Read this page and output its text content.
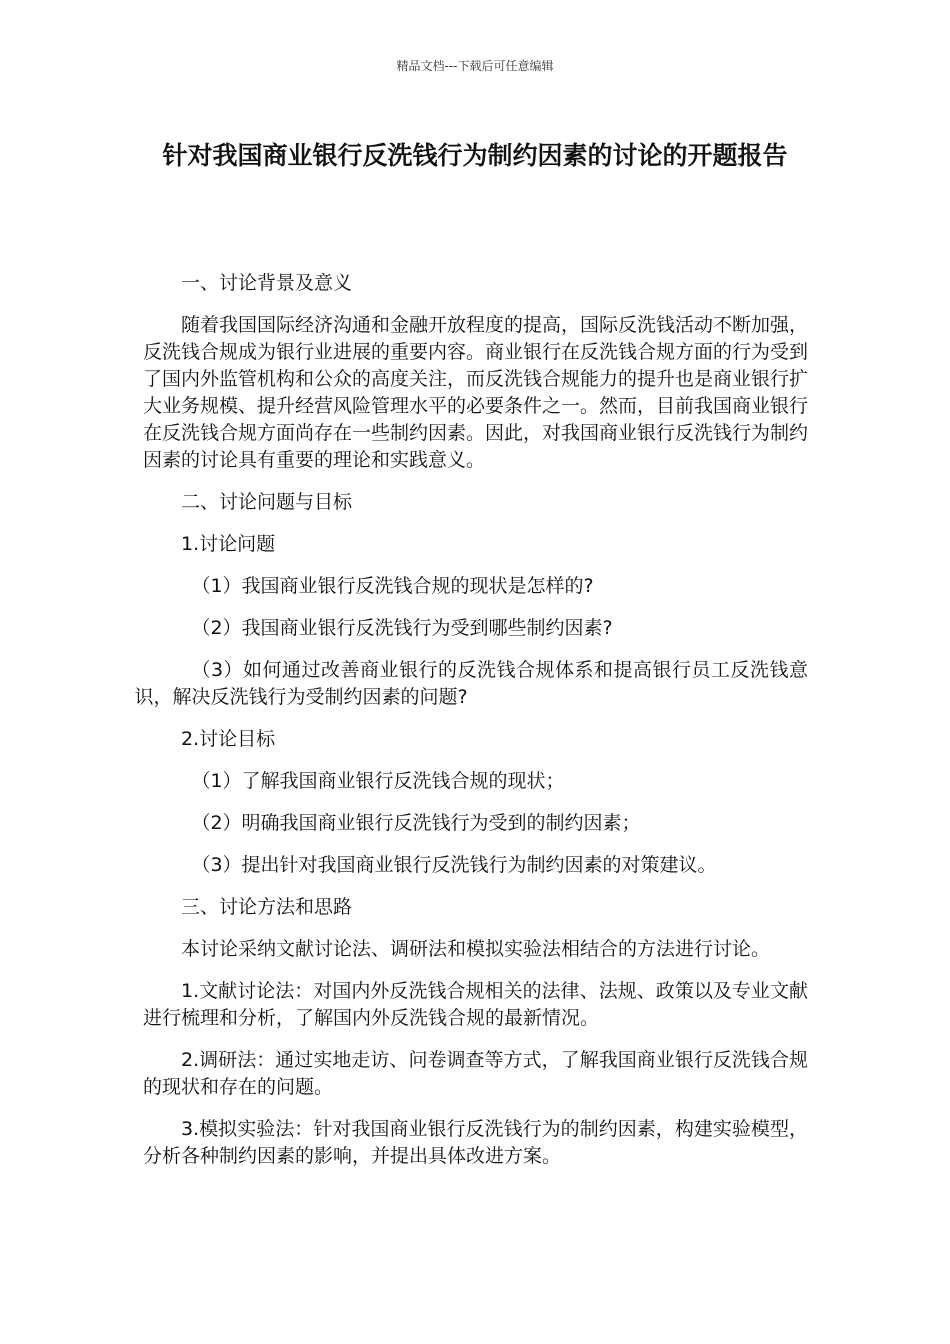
精品文档---下载后可任意编辑
针对我国商业银行反洗钱行为制约因素的讨论的开题报告

一、讨论背景及意义

随着我国国际经济沟通和金融开放程度的提高，国际反洗钱活动不断加强，反洗钱合规成为银行业进展的重要内容。商业银行在反洗钱合规方面的行为受到了国内外监管机构和公众的高度关注，而反洗钱合规能力的提升也是商业银行扩大业务规模、提升经营风险管理水平的必要条件之一。然而，目前我国商业银行在反洗钱合规方面尚存在一些制约因素。因此，对我国商业银行反洗钱行为制约因素的讨论具有重要的理论和实践意义。

二、讨论问题与目标

1.讨论问题

（1）我国商业银行反洗钱合规的现状是怎样的?

（2）我国商业银行反洗钱行为受到哪些制约因素?

（3）如何通过改善商业银行的反洗钱合规体系和提高银行员工反洗钱意识，解决反洗钱行为受制约因素的问题?

2.讨论目标

（1）了解我国商业银行反洗钱合规的现状；

（2）明确我国商业银行反洗钱行为受到的制约因素；

（3）提出针对我国商业银行反洗钱行为制约因素的对策建议。

三、讨论方法和思路

本讨论采纳文献讨论法、调研法和模拟实验法相结合的方法进行讨论。

1.文献讨论法：对国内外反洗钱合规相关的法律、法规、政策以及专业文献进行梳理和分析，了解国内外反洗钱合规的最新情况。

2.调研法：通过实地走访、问卷调查等方式，了解我国商业银行反洗钱合规的现状和存在的问题。

3.模拟实验法：针对我国商业银行反洗钱行为的制约因素，构建实验模型，分析各种制约因素的影响，并提出具体改进方案。
